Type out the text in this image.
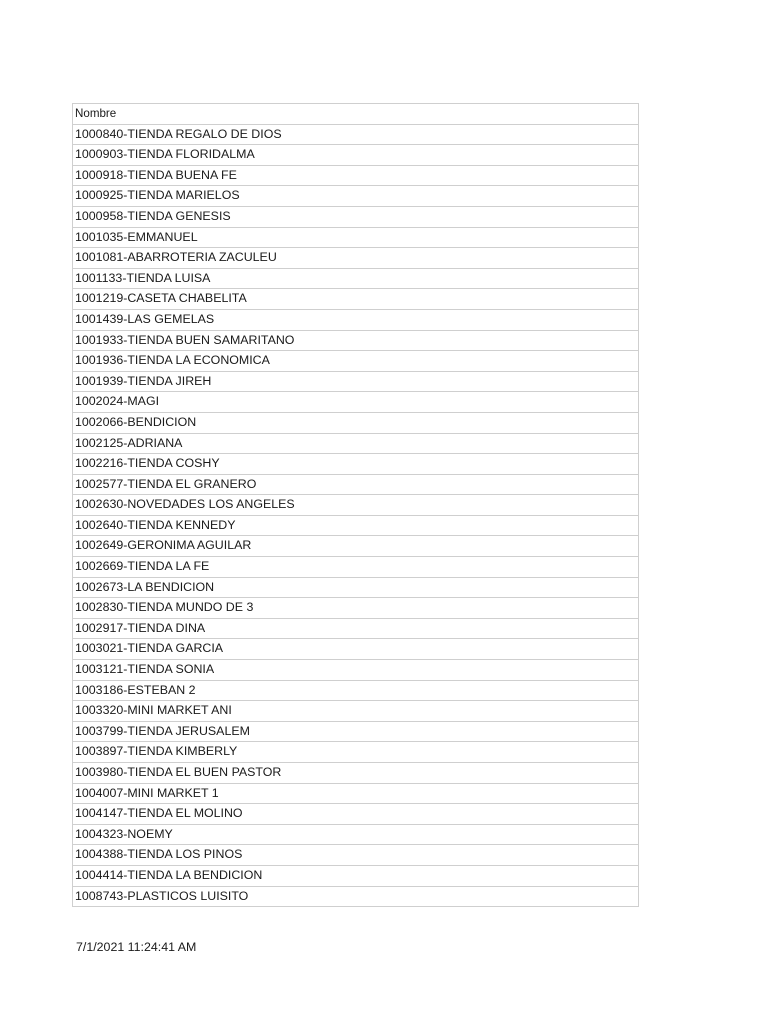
Nombre
1000840-TIENDA REGALO DE DIOS
1000903-TIENDA FLORIDALMA
1000918-TIENDA BUENA FE
1000925-TIENDA MARIELOS
1000958-TIENDA GENESIS
1001035-EMMANUEL
1001081-ABARROTERIA ZACULEU
1001133-TIENDA LUISA
1001219-CASETA CHABELITA
1001439-LAS GEMELAS
1001933-TIENDA BUEN SAMARITANO
1001936-TIENDA LA ECONOMICA
1001939-TIENDA JIREH
1002024-MAGI
1002066-BENDICION
1002125-ADRIANA
1002216-TIENDA COSHY
1002577-TIENDA EL GRANERO
1002630-NOVEDADES LOS ANGELES
1002640-TIENDA KENNEDY
1002649-GERONIMA AGUILAR
1002669-TIENDA LA FE
1002673-LA BENDICION
1002830-TIENDA MUNDO DE 3
1002917-TIENDA DINA
1003021-TIENDA GARCIA
1003121-TIENDA SONIA
1003186-ESTEBAN 2
1003320-MINI MARKET ANI
1003799-TIENDA JERUSALEM
1003897-TIENDA KIMBERLY
1003980-TIENDA EL BUEN PASTOR
1004007-MINI MARKET 1
1004147-TIENDA EL MOLINO
1004323-NOEMY
1004388-TIENDA LOS PINOS
1004414-TIENDA LA BENDICION
1008743-PLASTICOS LUISITO
7/1/2021 11:24:41 AM
